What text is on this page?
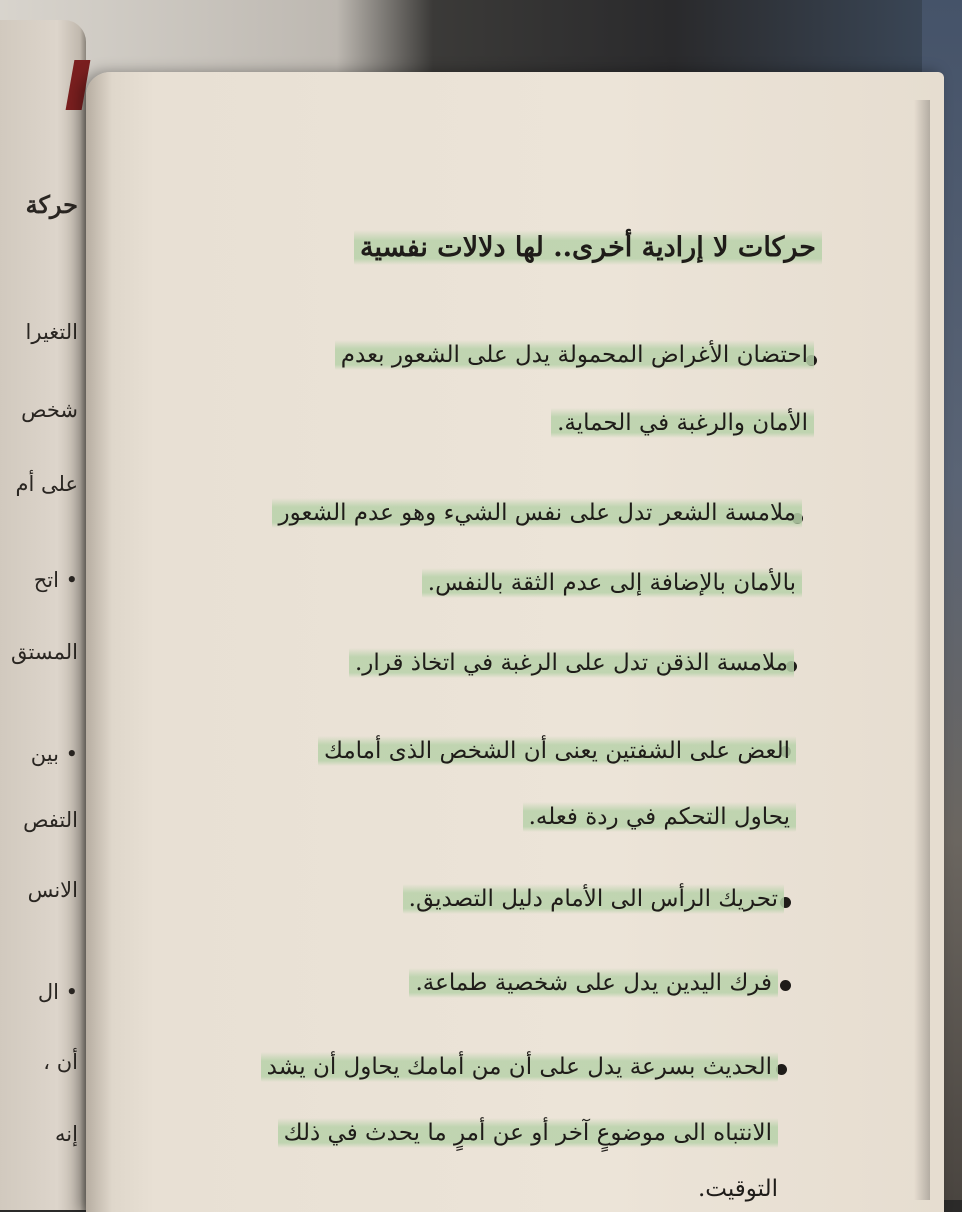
حركة
التغيرا
شخص
على أم
• اتح
المستق
• بين
التفص
الانس
• ال
أن ،
إنه
حركات لا إرادية أخرى.. لها دلالات نفسية
احتضان الأغراض المحمولة يدل على الشعور بعدم
الأمان والرغبة في الحماية.
ملامسة الشعر تدل على نفس الشيء وهو عدم الشعور
بالأمان بالإضافة إلى عدم الثقة بالنفس.
ملامسة الذقن تدل على الرغبة في اتخاذ قرار.
العض على الشفتين يعنى أن الشخص الذى أمامك
يحاول التحكم في ردة فعله.
تحريك الرأس الى الأمام دليل التصديق.
فرك اليدين يدل على شخصية طماعة.
الحديث بسرعة يدل على أن من أمامك يحاول أن يشد
الانتباه الى موضوعٍ آخر أو عن أمرٍ ما يحدث في ذلك
التوقيت.
